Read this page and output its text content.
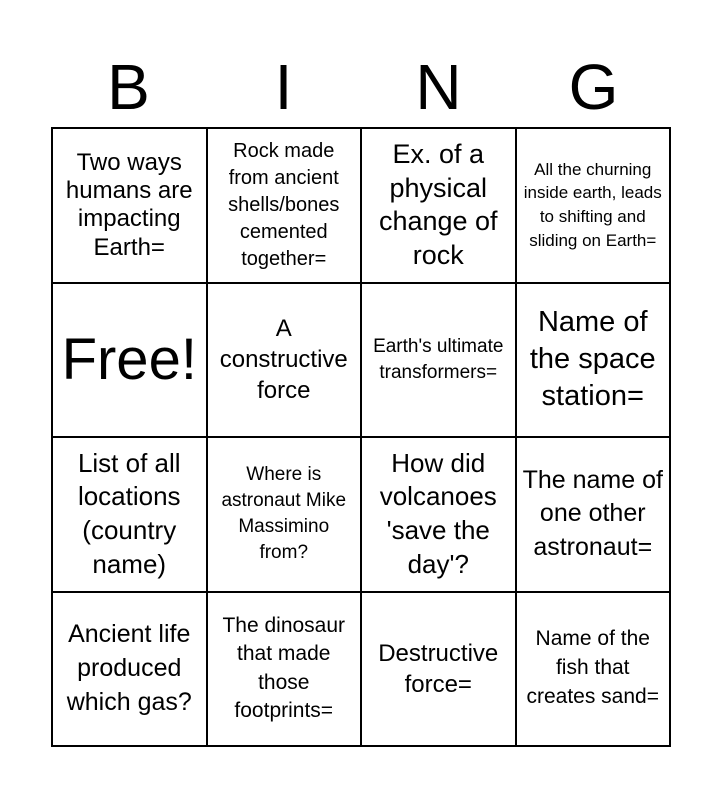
B	I	N	G
Two ways humans are impacting Earth=
Rock made from ancient shells/bones cemented together=
Ex. of a physical change of rock
All the churning inside earth, leads to shifting and sliding on Earth=
Free!	A constructive force
Earth's ultimate transformers=
Name of the space station=
List of all locations (country name)
Where is astronaut Mike Massimino from?
How did volcanoes 'save the day'?
The name of one other astronaut=
Ancient life produced which gas?
The dinosaur that made those footprints=
Destructive force=
Name of the fish that creates sand=
